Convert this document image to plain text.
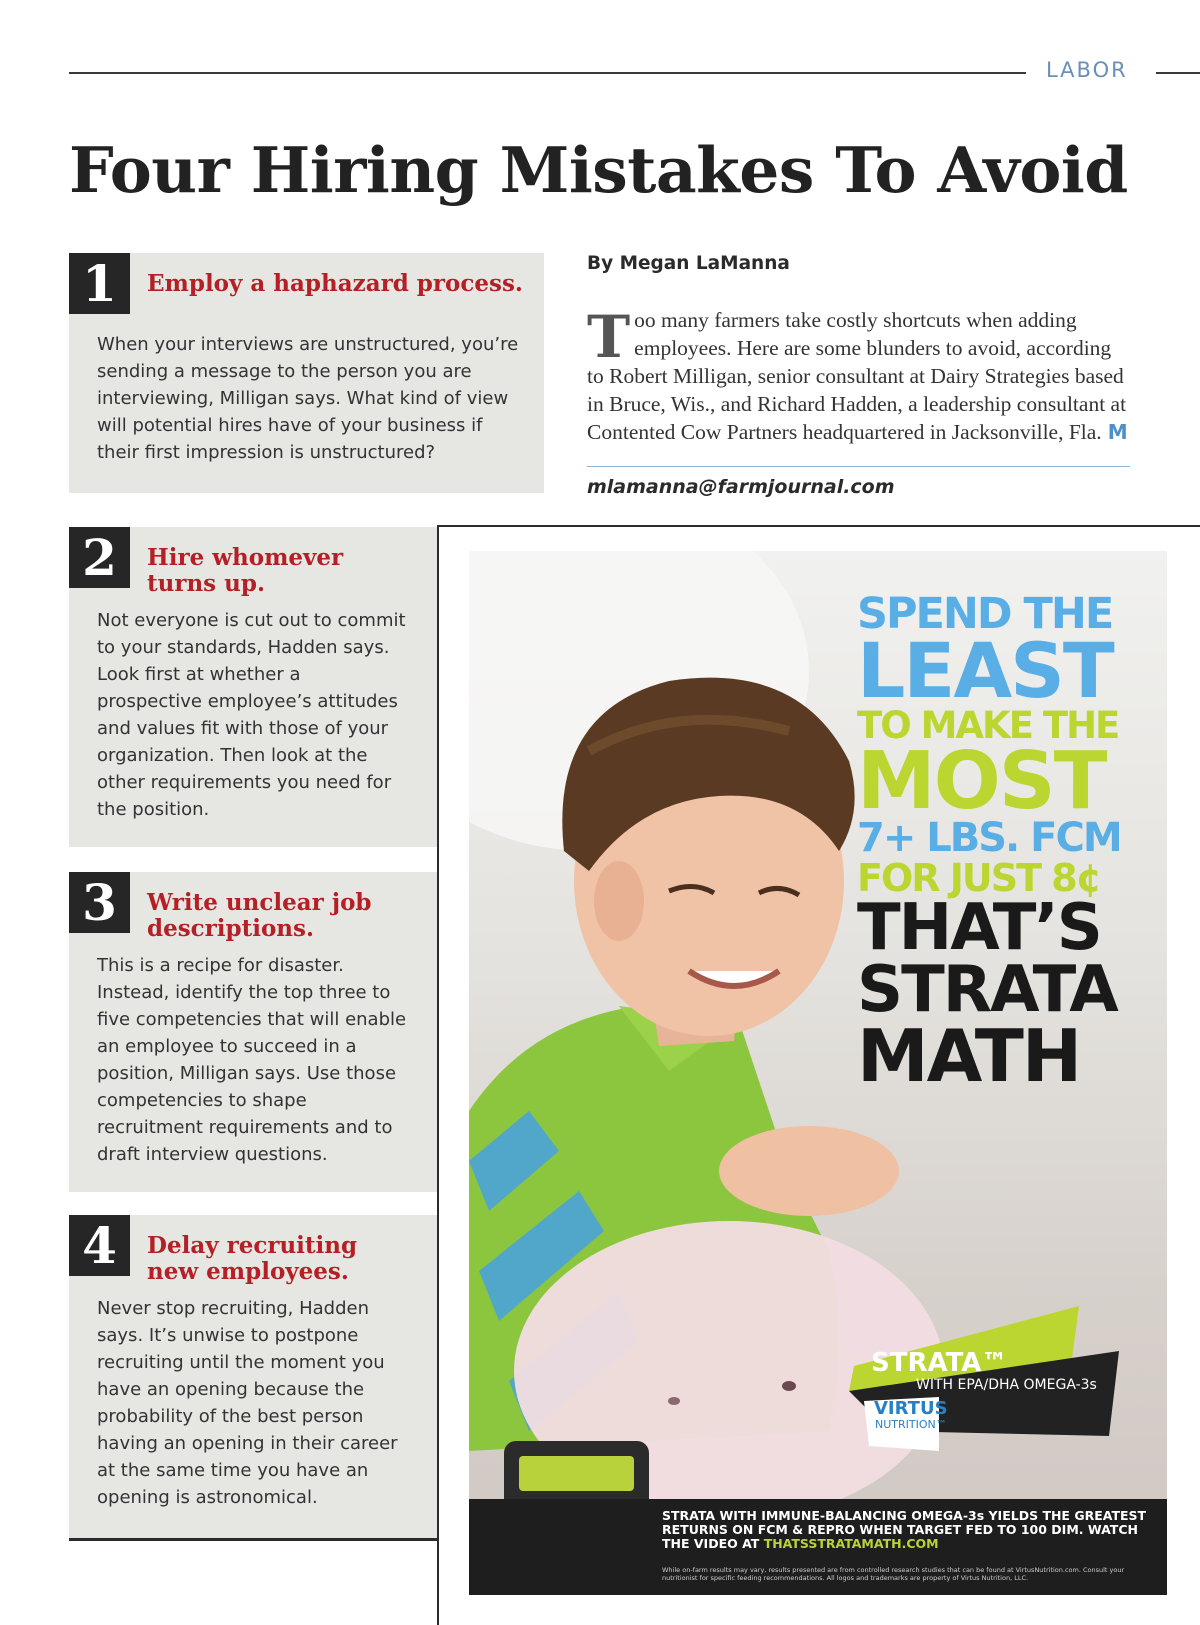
LABOR
Four Hiring Mistakes To Avoid
1	Employ a haphazard process.

When your interviews are unstructured, you’re sending a message to the person you are interviewing, Milligan says. What kind of view will potential hires have of your business if their first impression is unstructured?

2	Hire whomever turns up.

Not everyone is cut out to commit to your standards, Hadden says. Look first at whether a prospective employee’s attitudes and values fit with those of your organization. Then look at the other requirements you need for the position.

3	Write unclear job descriptions.

This is a recipe for disaster. Instead, identify the top three to five competencies that will enable an employee to succeed in a position, Milligan says. Use those competencies to shape recruitment requirements and to draft interview questions.

4	Delay recruiting new employees.

Never stop recruiting, Hadden says. It’s unwise to postpone recruiting until the moment you have an opening because the probability of the best person having an opening in their career at the same time you have an opening is astronomical.

By Megan LaManna

Too many farmers take costly shortcuts when adding employees. Here are some blunders to avoid, according to Robert Milligan, senior consultant at Dairy Strategies based in Bruce, Wis., and Richard Hadden, a leadership consultant at Contented Cow Partners headquartered in Jacksonville, Fla. M

mlamanna@farmjournal.com
SPEND THE
LEAST
TO MAKE THE
MOST
7+ LBS. FCM
FOR JUST 8¢
THAT’S
STRATA
MATH
STRATA™
WITH EPA/DHA OMEGA-3s
VIRTUS
NUTRITION™
STRATA WITH IMMUNE-BALANCING OMEGA-3s YIELDS THE GREATEST RETURNS ON FCM & REPRO WHEN TARGET FED TO 100 DIM. WATCH THE VIDEO AT THATSSTRATAMATH.COM
While on-farm results may vary, results presented are from controlled research studies that can be found at VirtusNutrition.com. Consult your nutritionist for specific feeding recommendations. All logos and trademarks are property of Virtus Nutrition, LLC.
